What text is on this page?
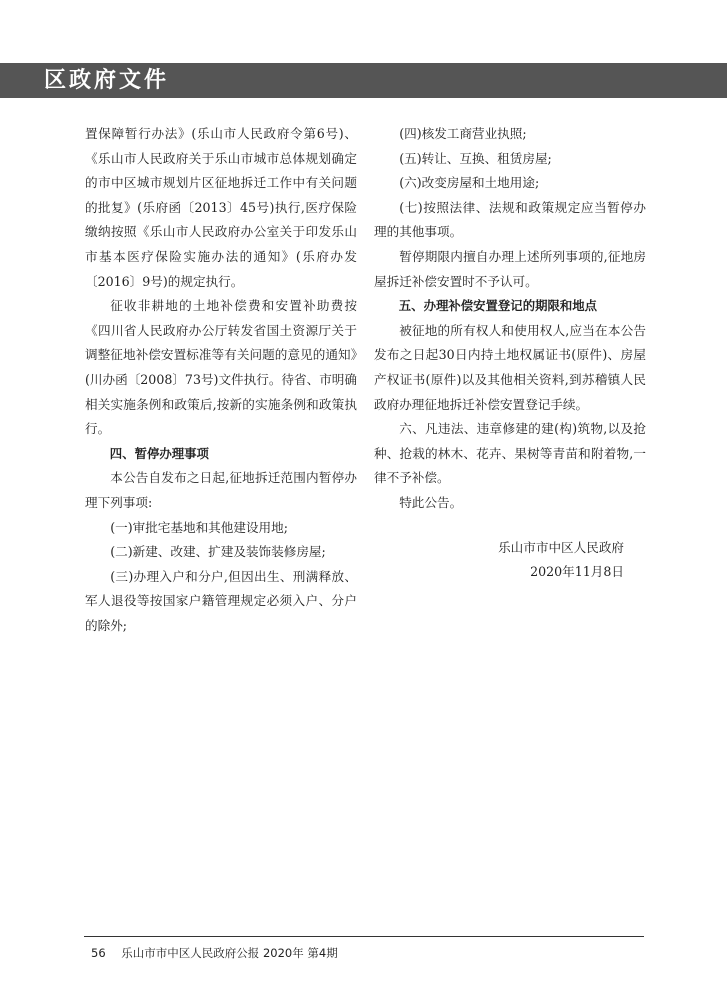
区政府文件

置保障暂行办法》(乐山市人民政府令第6号)、《乐山市人民政府关于乐山市城市总体规划确定的市中区城市规划片区征地拆迁工作中有关问题的批复》(乐府函〔2013〕45号)执行,医疗保险缴纳按照《乐山市人民政府办公室关于印发乐山市基本医疗保险实施办法的通知》(乐府办发〔2016〕9号)的规定执行。

征收非耕地的土地补偿费和安置补助费按《四川省人民政府办公厅转发省国土资源厅关于调整征地补偿安置标准等有关问题的意见的通知》(川办函〔2008〕73号)文件执行。待省、市明确相关实施条例和政策后,按新的实施条例和政策执行。

四、暂停办理事项

本公告自发布之日起,征地拆迁范围内暂停办理下列事项:

(一)审批宅基地和其他建设用地;

(二)新建、改建、扩建及装饰装修房屋;

(三)办理入户和分户,但因出生、刑满释放、军人退役等按国家户籍管理规定必须入户、分户的除外;

(四)核发工商营业执照;

(五)转让、互换、租赁房屋;

(六)改变房屋和土地用途;

(七)按照法律、法规和政策规定应当暂停办理的其他事项。

暂停期限内擅自办理上述所列事项的,征地房屋拆迁补偿安置时不予认可。

五、办理补偿安置登记的期限和地点

被征地的所有权人和使用权人,应当在本公告发布之日起30日内持土地权属证书(原件)、房屋产权证书(原件)以及其他相关资料,到苏稽镇人民政府办理征地拆迁补偿安置登记手续。

六、凡违法、违章修建的建(构)筑物,以及抢种、抢栽的林木、花卉、果树等青苗和附着物,一律不予补偿。

特此公告。

乐山市市中区人民政府

2020年11月8日

56 乐山市市中区人民政府公报 2020年 第4期
